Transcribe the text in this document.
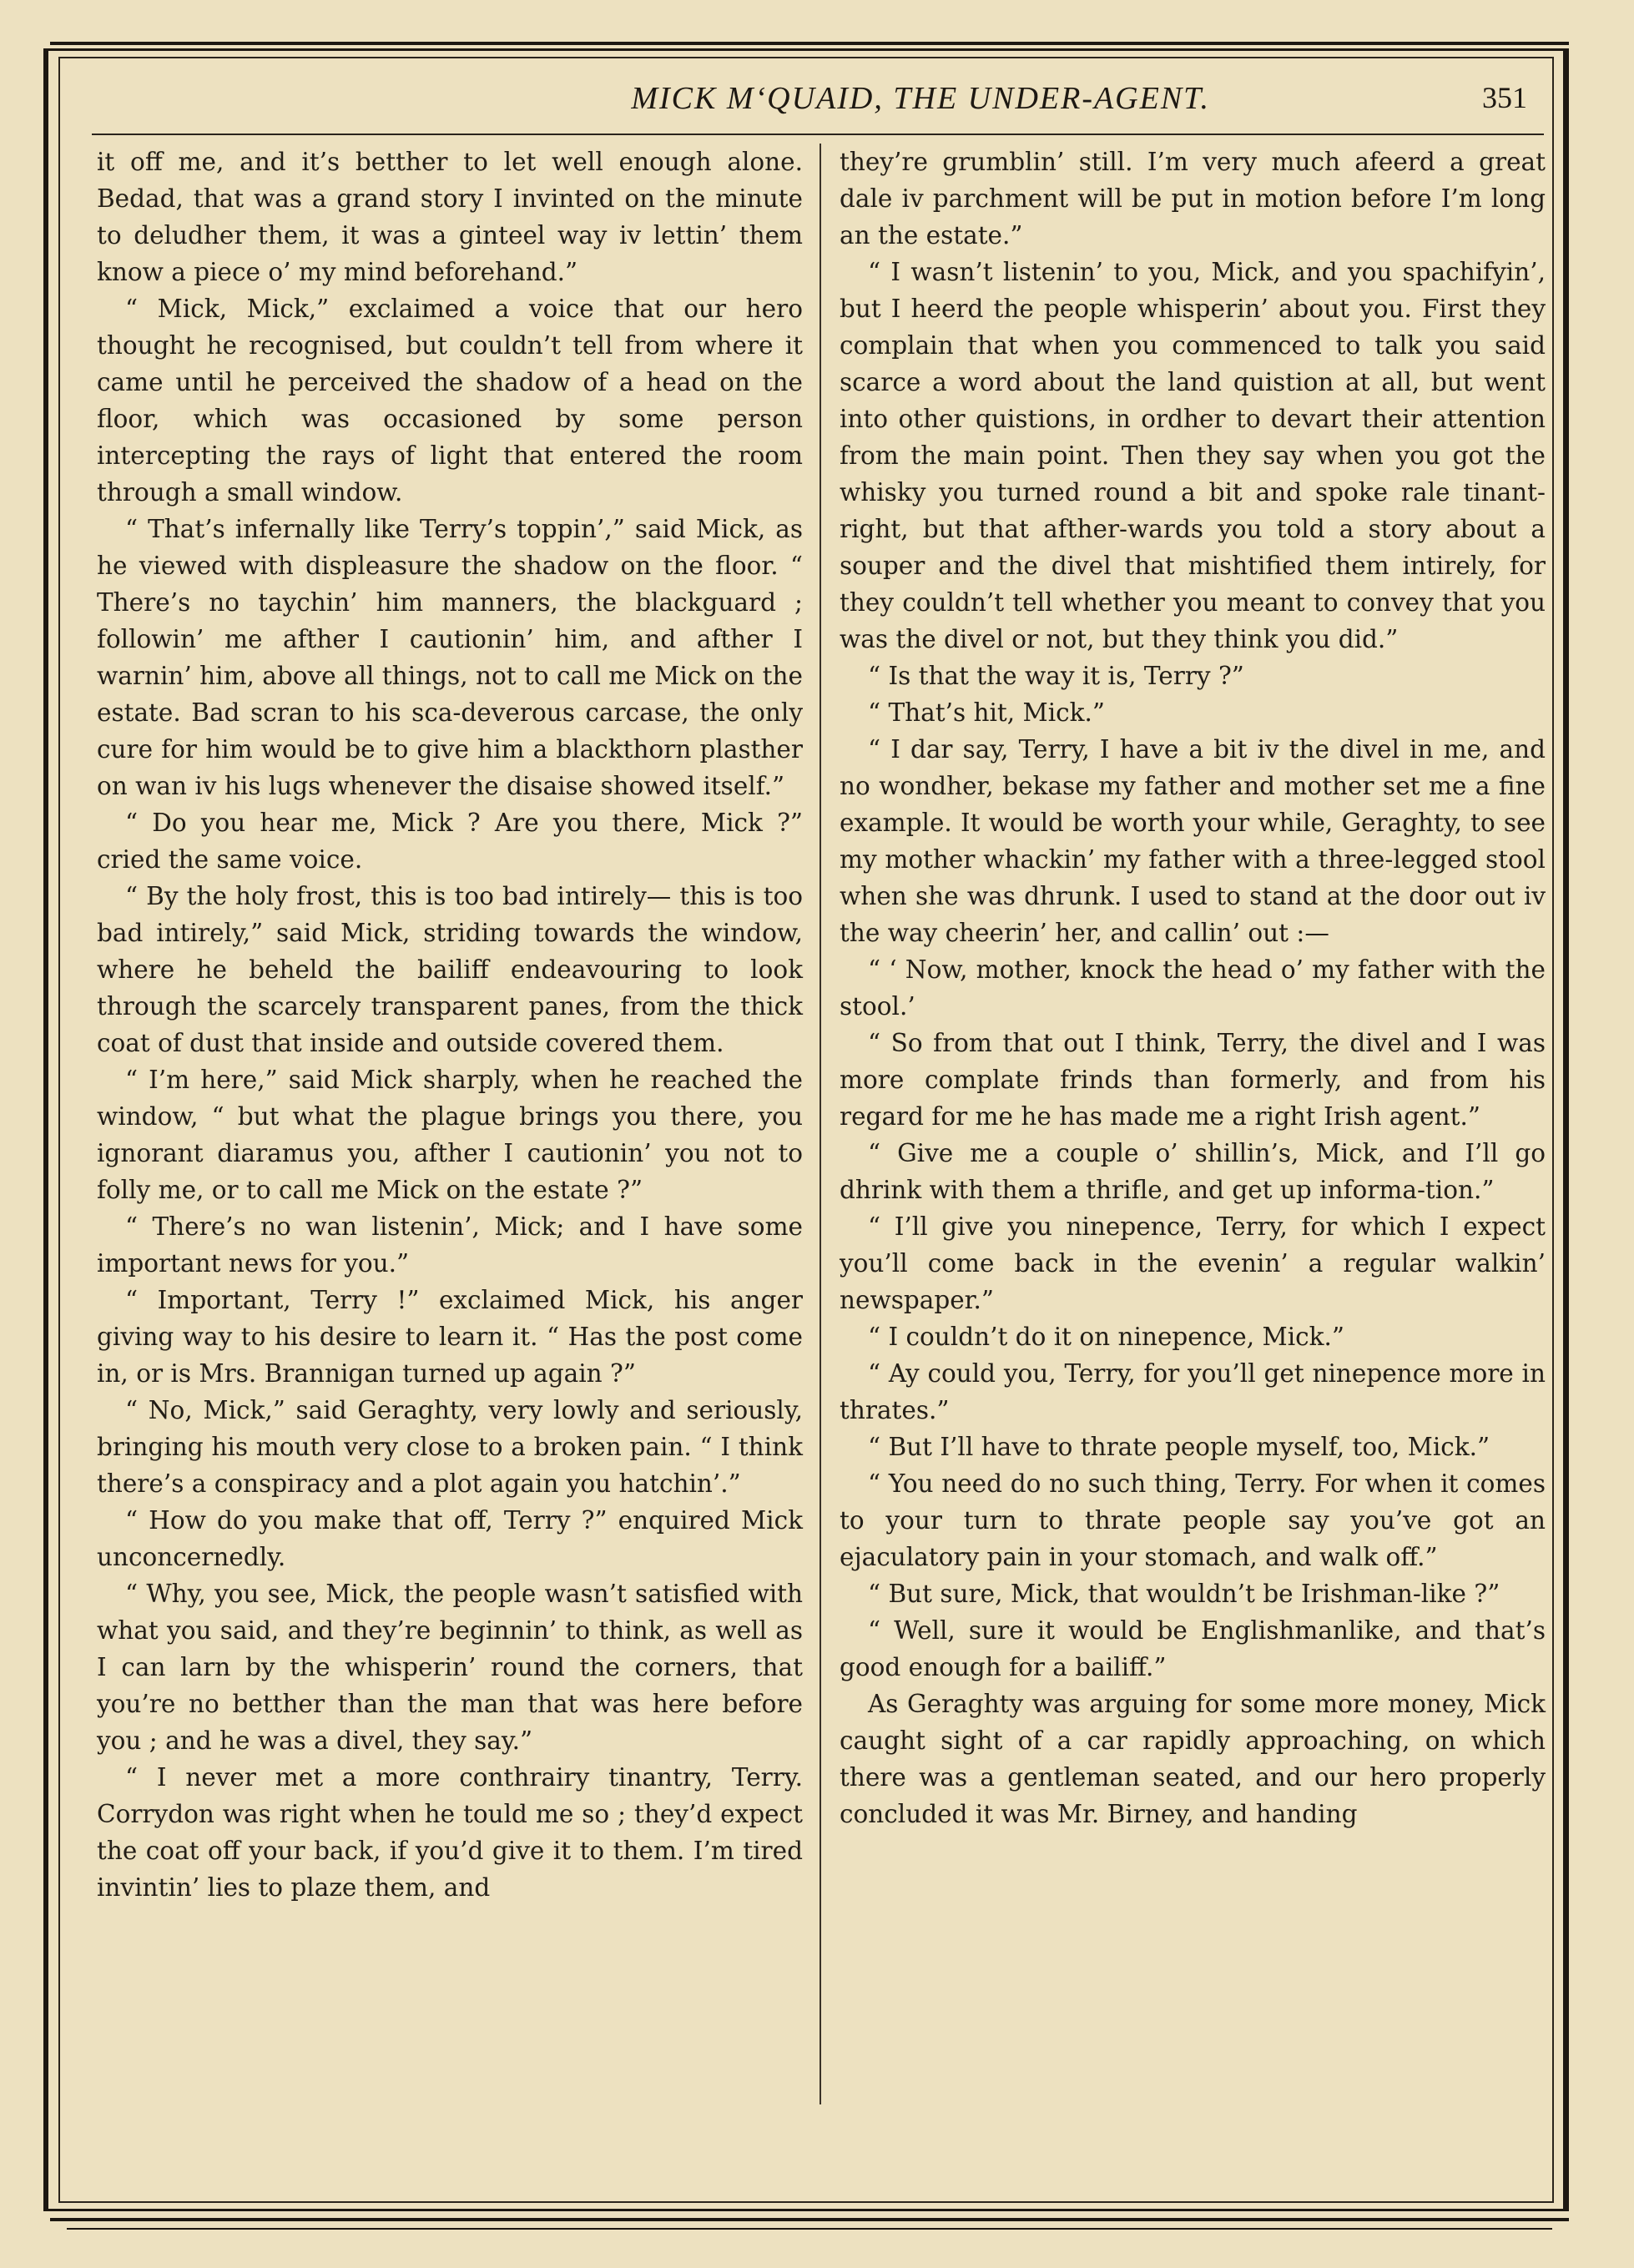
MICK M‘QUAID, THE UNDER-AGENT.	351

it off me, and it’s betther to let well enough alone. Bedad, that was a grand story I invinted on the minute to deludher them, it was a ginteel way iv lettin’ them know a piece o’ my mind beforehand.”

“ Mick, Mick,” exclaimed a voice that our hero thought he recognised, but couldn’t tell from where it came until he perceived the shadow of a head on the floor, which was occasioned by some person intercepting the rays of light that entered the room through a small window.

“ That’s infernally like Terry’s toppin’,” said Mick, as he viewed with displeasure the shadow on the floor. “ There’s no taychin’ him manners, the blackguard ; followin’ me afther I cautionin’ him, and afther I warnin’ him, above all things, not to call me Mick on the estate. Bad scran to his sca-deverous carcase, the only cure for him would be to give him a blackthorn plasther on wan iv his lugs whenever the disaise showed itself.”

“ Do you hear me, Mick ? Are you there, Mick ?” cried the same voice.

“ By the holy frost, this is too bad intirely— this is too bad intirely,” said Mick, striding towards the window, where he beheld the bailiff endeavouring to look through the scarcely transparent panes, from the thick coat of dust that inside and outside covered them.

“ I’m here,” said Mick sharply, when he reached the window, “ but what the plague brings you there, you ignorant diaramus you, afther I cautionin’ you not to folly me, or to call me Mick on the estate ?”

“ There’s no wan listenin’, Mick; and I have some important news for you.”

“ Important, Terry !” exclaimed Mick, his anger giving way to his desire to learn it. “ Has the post come in, or is Mrs. Brannigan turned up again ?”

“ No, Mick,” said Geraghty, very lowly and seriously, bringing his mouth very close to a broken pain. “ I think there’s a conspiracy and a plot again you hatchin’.”

“ How do you make that off, Terry ?” enquired Mick unconcernedly.

“ Why, you see, Mick, the people wasn’t satisfied with what you said, and they’re beginnin’ to think, as well as I can larn by the whisperin’ round the corners, that you’re no betther than the man that was here before you ; and he was a divel, they say.”

“ I never met a more conthrairy tinantry, Terry. Corrydon was right when he tould me so ; they’d expect the coat off your back, if you’d give it to them. I’m tired invintin’ lies to plaze them, and

they’re grumblin’ still. I’m very much afeerd a great dale iv parchment will be put in motion before I’m long an the estate.”

“ I wasn’t listenin’ to you, Mick, and you spachifyin’, but I heerd the people whisperin’ about you. First they complain that when you commenced to talk you said scarce a word about the land quistion at all, but went into other quistions, in ordher to devart their attention from the main point. Then they say when you got the whisky you turned round a bit and spoke rale tinant-right, but that afther-wards you told a story about a souper and the divel that mishtified them intirely, for they couldn’t tell whether you meant to convey that you was the divel or not, but they think you did.”

“ Is that the way it is, Terry ?”

“ That’s hit, Mick.”

“ I dar say, Terry, I have a bit iv the divel in me, and no wondher, bekase my father and mother set me a fine example. It would be worth your while, Geraghty, to see my mother whackin’ my father with a three-legged stool when she was dhrunk. I used to stand at the door out iv the way cheerin’ her, and callin’ out :—

“ ‘ Now, mother, knock the head o’ my father with the stool.’

“ So from that out I think, Terry, the divel and I was more complate frinds than formerly, and from his regard for me he has made me a right Irish agent.”

“ Give me a couple o’ shillin’s, Mick, and I’ll go dhrink with them a thrifle, and get up informa-tion.”

“ I’ll give you ninepence, Terry, for which I expect you’ll come back in the evenin’ a regular walkin’ newspaper.”

“ I couldn’t do it on ninepence, Mick.”

“ Ay could you, Terry, for you’ll get ninepence more in thrates.”

“ But I’ll have to thrate people myself, too, Mick.”

“ You need do no such thing, Terry. For when it comes to your turn to thrate people say you’ve got an ejaculatory pain in your stomach, and walk off.”

“ But sure, Mick, that wouldn’t be Irishman-like ?”

“ Well, sure it would be Englishmanlike, and that’s good enough for a bailiff.”

As Geraghty was arguing for some more money, Mick caught sight of a car rapidly approaching, on which there was a gentleman seated, and our hero properly concluded it was Mr. Birney, and handing
